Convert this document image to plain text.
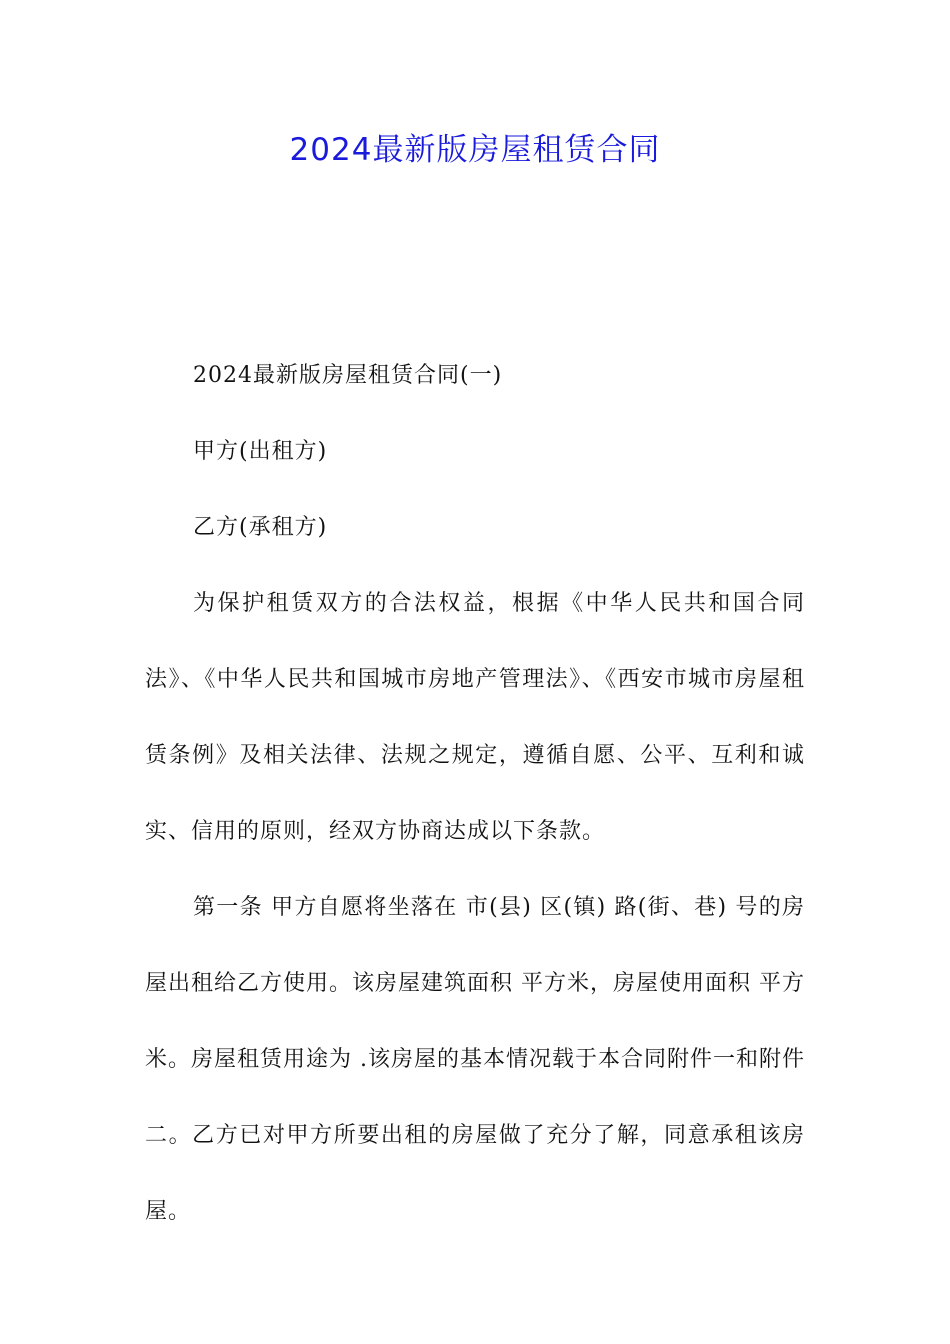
2024最新版房屋租赁合同

2024最新版房屋租赁合同(一)

甲方(出租方)

乙方(承租方)

为保护租赁双方的合法权益，根据《中华人民共和国合同法》、《中华人民共和国城市房地产管理法》、《西安市城市房屋租赁条例》及相关法律、法规之规定，遵循自愿、公平、互利和诚实、信用的原则，经双方协商达成以下条款。

第一条 甲方自愿将坐落在 市(县) 区(镇) 路(街、巷) 号的房屋出租给乙方使用。该房屋建筑面积 平方米，房屋使用面积 平方米。房屋租赁用途为 .该房屋的基本情况载于本合同附件一和附件二。乙方已对甲方所要出租的房屋做了充分了解，同意承租该房屋。
